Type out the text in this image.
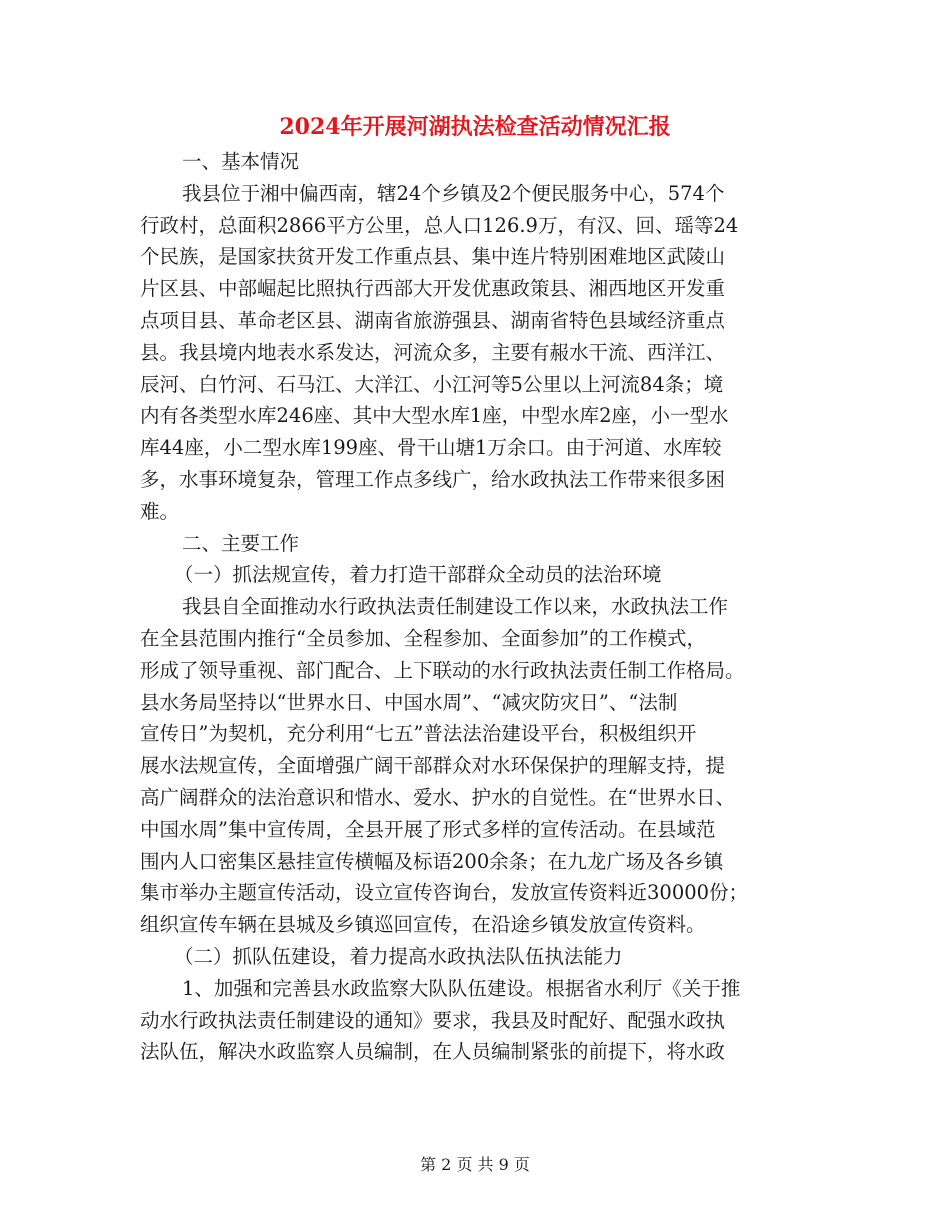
2024年开展河湖执法检查活动情况汇报
一、基本情况
我县位于湘中偏西南，辖24个乡镇及2个便民服务中心，574个
行政村，总面积2866平方公里，总人口126.9万，有汉、回、瑶等24
个民族，是国家扶贫开发工作重点县、集中连片特别困难地区武陵山
片区县、中部崛起比照执行西部大开发优惠政策县、湘西地区开发重
点项目县、革命老区县、湖南省旅游强县、湖南省特色县域经济重点
县。我县境内地表水系发达，河流众多，主要有赧水干流、西洋江、
辰河、白竹河、石马江、大洋江、小江河等5公里以上河流84条；境
内有各类型水库246座、其中大型水库1座，中型水库2座，小一型水
库44座，小二型水库199座、骨干山塘1万余口。由于河道、水库较
多，水事环境复杂，管理工作点多线广，给水政执法工作带来很多困
难。
二、主要工作
（一）抓法规宣传，着力打造干部群众全动员的法治环境
我县自全面推动水行政执法责任制建设工作以来，水政执法工作
在全县范围内推行“全员参加、全程参加、全面参加”的工作模式，
形成了领导重视、部门配合、上下联动的水行政执法责任制工作格局。
县水务局坚持以“世界水日、中国水周”、“减灾防灾日”、“法制
宣传日”为契机，充分利用“七五”普法法治建设平台，积极组织开
展水法规宣传，全面增强广阔干部群众对水环保保护的理解支持，提
高广阔群众的法治意识和惜水、爱水、护水的自觉性。在“世界水日、
中国水周”集中宣传周，全县开展了形式多样的宣传活动。在县域范
围内人口密集区悬挂宣传横幅及标语200余条；在九龙广场及各乡镇
集市举办主题宣传活动，设立宣传咨询台，发放宣传资料近30000份；
组织宣传车辆在县城及乡镇巡回宣传，在沿途乡镇发放宣传资料。
（二）抓队伍建设，着力提高水政执法队伍执法能力
1、加强和完善县水政监察大队队伍建设。根据省水利厅《关于推
动水行政执法责任制建设的通知》要求，我县及时配好、配强水政执
法队伍，解决水政监察人员编制，在人员编制紧张的前提下，将水政
第 2 页 共 9 页
